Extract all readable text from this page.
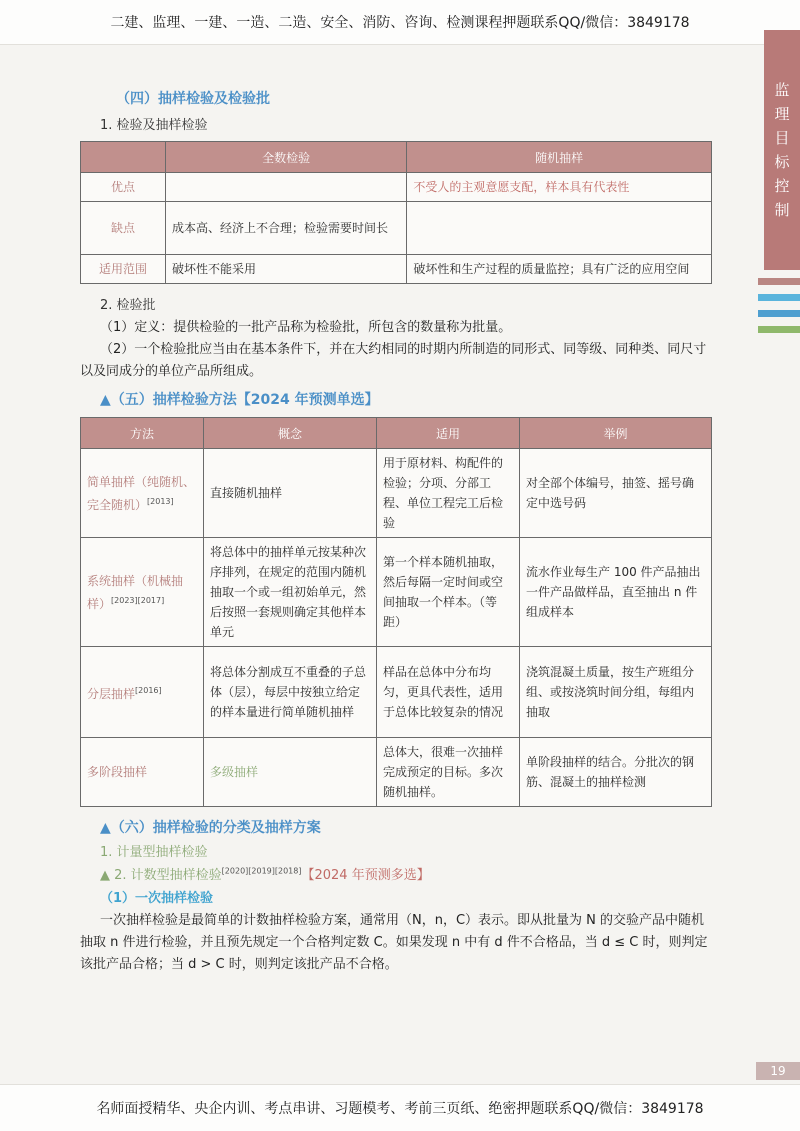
二建、监理、一建、一造、二造、安全、消防、咨询、检测课程押题联系QQ/微信：3849178
监
理
目
标
控
制
（四）抽样检验及检验批
1. 检验及抽样检验
	全数检验	随机抽样
优点		不受人的主观意愿支配，样本具有代表性
缺点	成本高、经济上不合理；检验需要时间长	
适用范围	破坏性不能采用	破坏性和生产过程的质量监控；具有广泛的应用空间
2. 检验批
（1）定义：提供检验的一批产品称为检验批，所包含的数量称为批量。
（2）一个检验批应当由在基本条件下，并在大约相同的时期内所制造的同形式、同等级、同种类、同尺寸以及同成分的单位产品所组成。
▲（五）抽样检验方法【2024 年预测单选】
方法	概念	适用	举例
简单抽样（纯随机、完全随机）[2013]	直接随机抽样	用于原材料、构配件的检验；分项、分部工程、单位工程完工后检验	对全部个体编号，抽签、摇号确定中选号码
系统抽样（机械抽样）[2023][2017]	将总体中的抽样单元按某种次序排列，在规定的范围内随机抽取一个或一组初始单元，然后按照一套规则确定其他样本单元	第一个样本随机抽取，然后每隔一定时间或空间抽取一个样本。（等距）	流水作业每生产 100 件产品抽出一件产品做样品，直至抽出 n 件组成样本
分层抽样[2016]	将总体分割成互不重叠的子总体（层），每层中按独立给定的样本量进行简单随机抽样	样品在总体中分布均匀，更具代表性，适用于总体比较复杂的情况	浇筑混凝土质量，按生产班组分组、或按浇筑时间分组，每组内抽取
多阶段抽样	多级抽样	总体大，很难一次抽样完成预定的目标。多次随机抽样。	单阶段抽样的结合。分批次的钢筋、混凝土的抽样检测
▲（六）抽样检验的分类及抽样方案
1. 计量型抽样检验
▲ 2. 计数型抽样检验[2020][2019][2018]【2024 年预测多选】
（1）一次抽样检验
一次抽样检验是最简单的计数抽样检验方案，通常用（N，n，C）表示。即从批量为 N 的交验产品中随机抽取 n 件进行检验，并且预先规定一个合格判定数 C。如果发现 n 中有 d 件不合格品，当 d ≤ C 时，则判定该批产品合格；当 d > C 时，则判定该批产品不合格。
19
名师面授精华、央企内训、考点串讲、习题模考、考前三页纸、绝密押题联系QQ/微信：3849178
